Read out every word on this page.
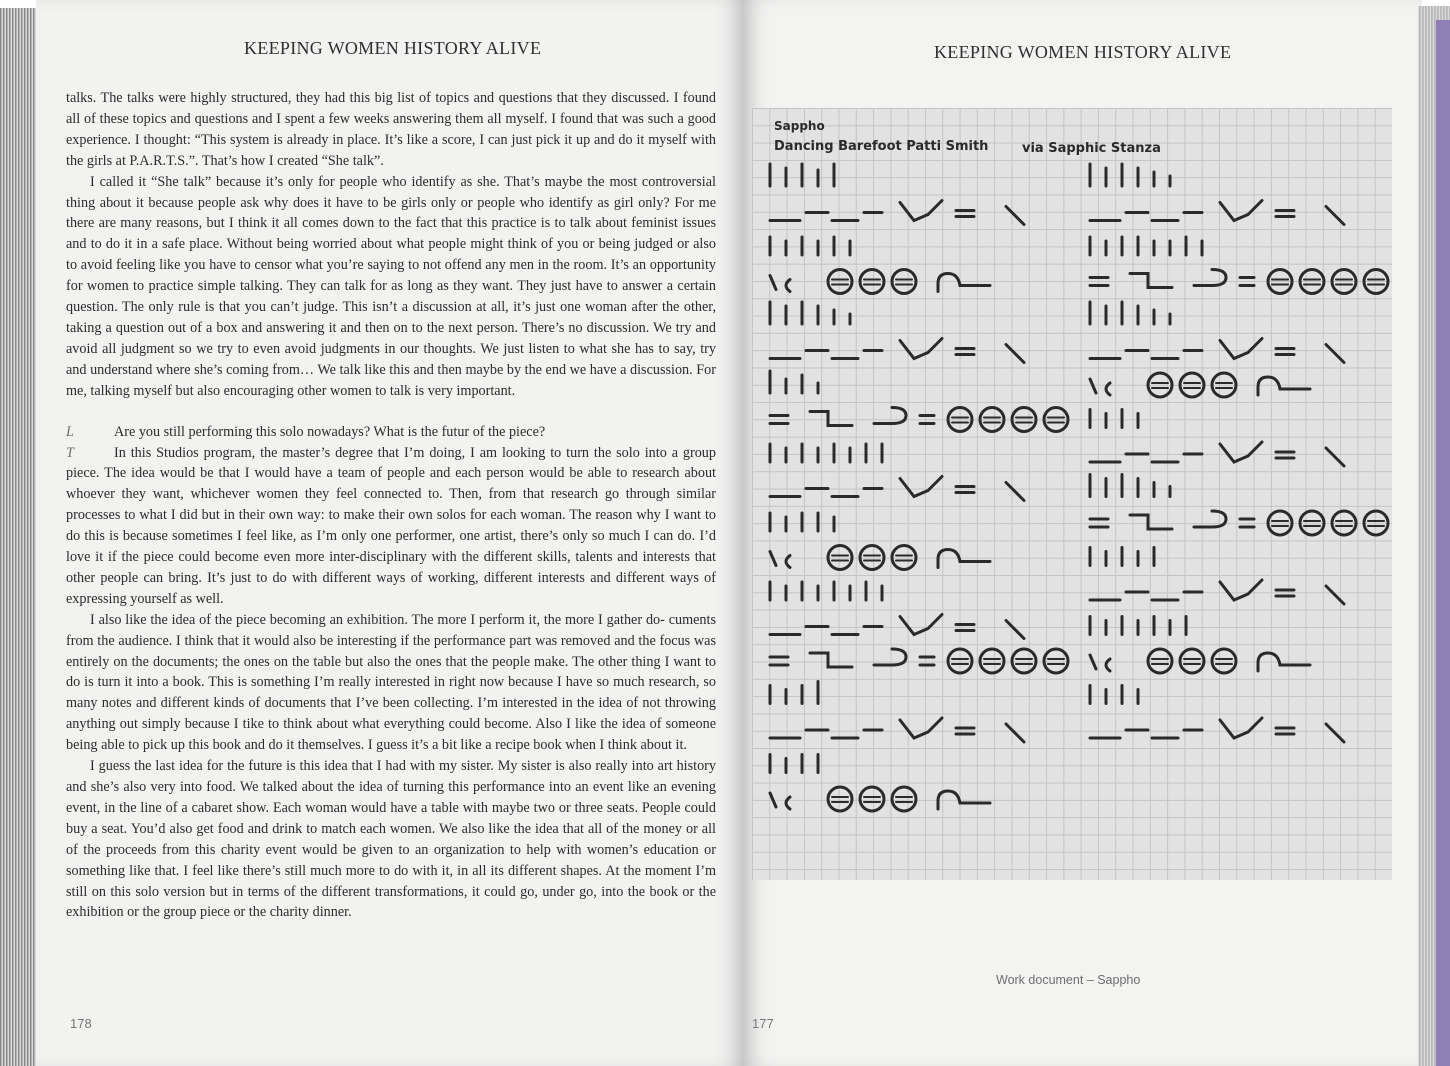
KEEPING WOMEN HISTORY ALIVE

talks. The talks were highly structured, they had this big list of topics and questions that they discussed. I found all of these topics and questions and I spent a few weeks answering them all myself. I found that was such a good experience. I thought: “This system is already in place. It’s like a score, I can just pick it up and do it myself with the girls at P.A.R.T.S.”. That’s how I created “She talk”.

I called it “She talk” because it’s only for people who identify as she. That’s maybe the most controversial thing about it because people ask why does it have to be girls only or people who identify as girl only? For me there are many reasons, but I think it all comes down to the fact that this practice is to talk about feminist issues and to do it in a safe place. Without being worried about what people might think of you or being judged or also to avoid feeling like you have to censor what you’re saying to not offend any men in the room. It’s an opportunity for women to practice simple talking. They can talk for as long as they want. They just have to answer a certain question. The only rule is that you can’t judge. This isn’t a discussion at all, it’s just one woman after the other, taking a question out of a box and answering it and then on to the next person. There’s no discussion. We try and avoid all judgment so we try to even avoid judgments in our thoughts. We just listen to what she has to say, try and understand where she’s coming from… We talk like this and then maybe by the end we have a discussion. For me, talking myself but also encouraging other women to talk is very important.

L	Are you still performing this solo nowadays? What is the futur of the piece?

T	In this Studios program, the master’s degree that I’m doing, I am looking to turn the solo into a group piece. The idea would be that I would have a team of people and each person would be able to research about whoever they want, whichever women they feel connected to. Then, from that research go through similar processes to what I did but in their own way: to make their own solos for each woman. The reason why I want to do this is because sometimes I feel like, as I’m only one performer, one artist, there’s only so much I can do. I’d love it if the piece could become even more inter-disciplinary with the different skills, talents and interests that other people can bring. It’s just to do with different ways of working, different interests and different ways of expressing yourself as well.

I also like the idea of the piece becoming an exhibition. The more I perform it, the more I gather do- cuments from the audience. I think that it would also be interesting if the performance part was removed and the focus was entirely on the documents; the ones on the table but also the ones that the people make. The other thing I want to do is turn it into a book. This is something I’m really interested in right now because I have so much research, so many notes and different kinds of documents that I’ve been collecting. I’m interested in the idea of not throwing anything out simply because I tike to think about what everything could become. Also I like the idea of someone being able to pick up this book and do it themselves. I guess it’s a bit like a recipe book when I think about it.

I guess the last idea for the future is this idea that I had with my sister. My sister is also really into art history and she’s also very into food. We talked about the idea of turning this performance into an event like an evening event, in the line of a cabaret show. Each woman would have a table with maybe two or three seats. People could buy a seat. You’d also get food and drink to match each women. We also like the idea that all of the money or all of the proceeds from this charity event would be given to an organization to help with women’s education or something like that. I feel like there’s still much more to do with it, in all its different shapes. At the moment I’m still on this solo version but in terms of the different transformations, it could go, under go, into the book or the exhibition or the group piece or the charity dinner.

178
KEEPING WOMEN HISTORY ALIVE
Sappho
Dancing Barefoot Patti Smith	via Sapphic Stanza
Work document – Sappho
177
